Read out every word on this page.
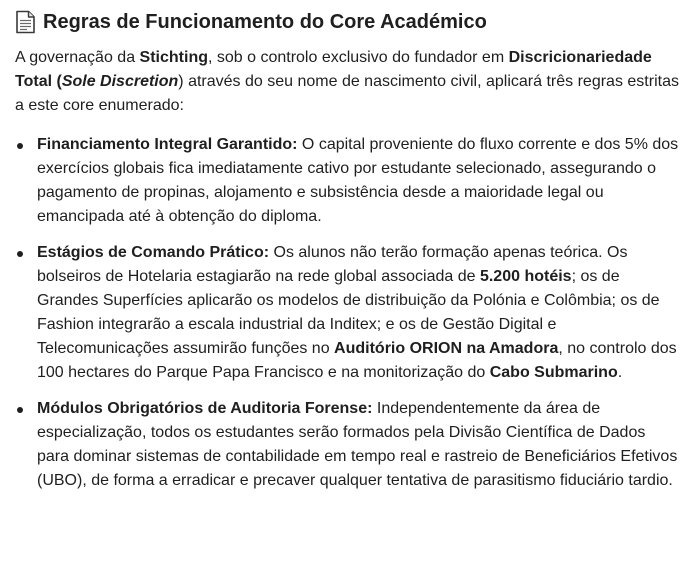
Regras de Funcionamento do Core Académico

A governação da Stichting, sob o controlo exclusivo do fundador em Discricionariedade Total (Sole Discretion) através do seu nome de nascimento civil, aplicará três regras estritas a este core enumerado:

Financiamento Integral Garantido: O capital proveniente do fluxo corrente e dos 5% dos exercícios globais fica imediatamente cativo por estudante selecionado, assegurando o pagamento de propinas, alojamento e subsistência desde a maioridade legal ou emancipada até à obtenção do diploma.
Estágios de Comando Prático: Os alunos não terão formação apenas teórica. Os bolseiros de Hotelaria estagiarão na rede global associada de 5.200 hotéis; os de Grandes Superfícies aplicarão os modelos de distribuição da Polónia e Colômbia; os de Fashion integrarão a escala industrial da Inditex; e os de Gestão Digital e Telecomunicações assumirão funções no Auditório ORION na Amadora, no controlo dos 100 hectares do Parque Papa Francisco e na monitorização do Cabo Submarino.
Módulos Obrigatórios de Auditoria Forense: Independentemente da área de especialização, todos os estudantes serão formados pela Divisão Científica de Dados para dominar sistemas de contabilidade em tempo real e rastreio de Beneficiários Efetivos (UBO), de forma a erradicar e precaver qualquer tentativa de parasitismo fiduciário tardio.
